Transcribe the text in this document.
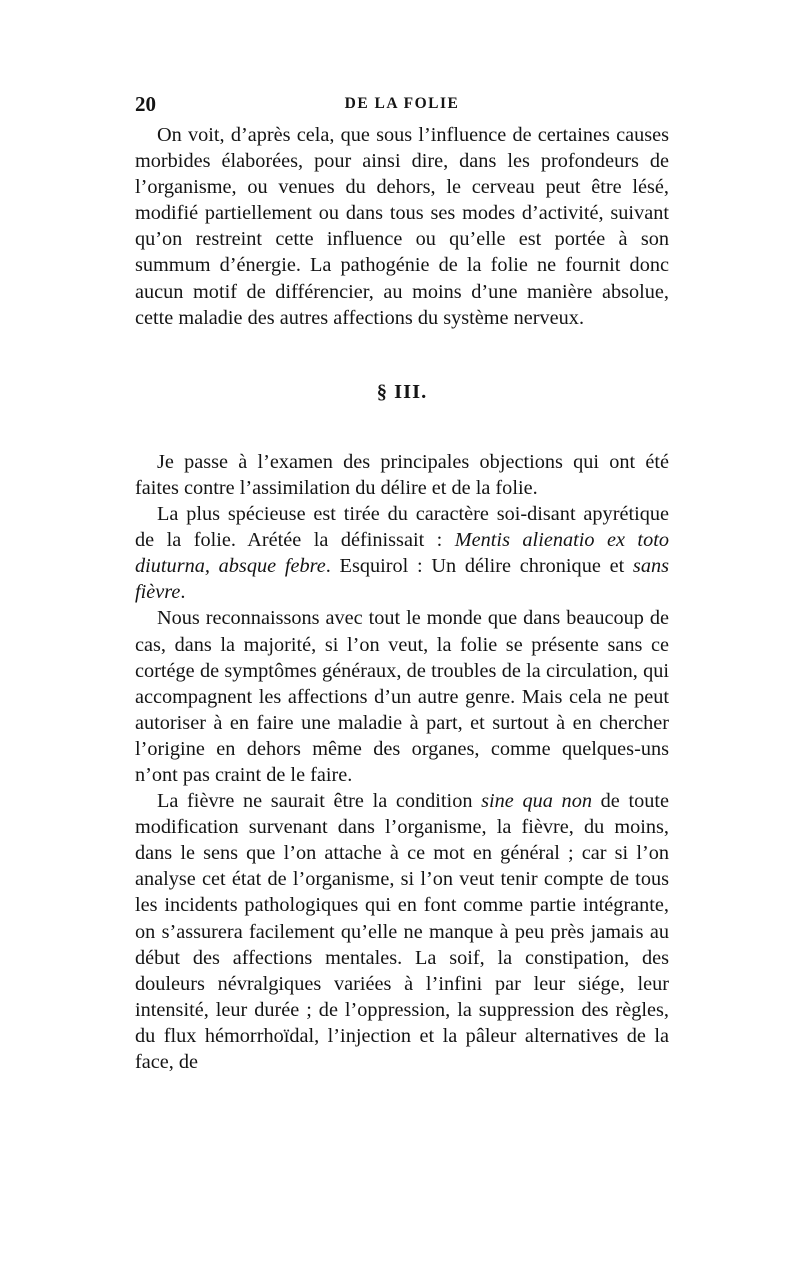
20	DE LA FOLIE

On voit, d’après cela, que sous l’influence de certaines causes morbides élaborées, pour ainsi dire, dans les profondeurs de l’organisme, ou venues du dehors, le cerveau peut être lésé, modifié partiellement ou dans tous ses modes d’activité, suivant qu’on restreint cette influence ou qu’elle est portée à son summum d’énergie. La pathogénie de la folie ne fournit donc aucun motif de différencier, au moins d’une manière absolue, cette maladie des autres affections du système nerveux.

§ III.

Je passe à l’examen des principales objections qui ont été faites contre l’assimilation du délire et de la folie.

La plus spécieuse est tirée du caractère soi-disant apyrétique de la folie. Arétée la définissait : Mentis alienatio ex toto diuturna, absque febre. Esquirol : Un délire chronique et sans fièvre.

Nous reconnaissons avec tout le monde que dans beaucoup de cas, dans la majorité, si l’on veut, la folie se présente sans ce cortége de symptômes généraux, de troubles de la circulation, qui accompagnent les affections d’un autre genre. Mais cela ne peut autoriser à en faire une maladie à part, et surtout à en chercher l’origine en dehors même des organes, comme quelques-uns n’ont pas craint de le faire.

La fièvre ne saurait être la condition sine qua non de toute modification survenant dans l’organisme, la fièvre, du moins, dans le sens que l’on attache à ce mot en général ; car si l’on analyse cet état de l’organisme, si l’on veut tenir compte de tous les incidents pathologiques qui en font comme partie intégrante, on s’assurera facilement qu’elle ne manque à peu près jamais au début des affections mentales. La soif, la constipation, des douleurs névralgiques variées à l’infini par leur siége, leur intensité, leur durée ; de l’oppression, la suppression des règles, du flux hémorrhoïdal, l’injection et la pâleur alternatives de la face, de
